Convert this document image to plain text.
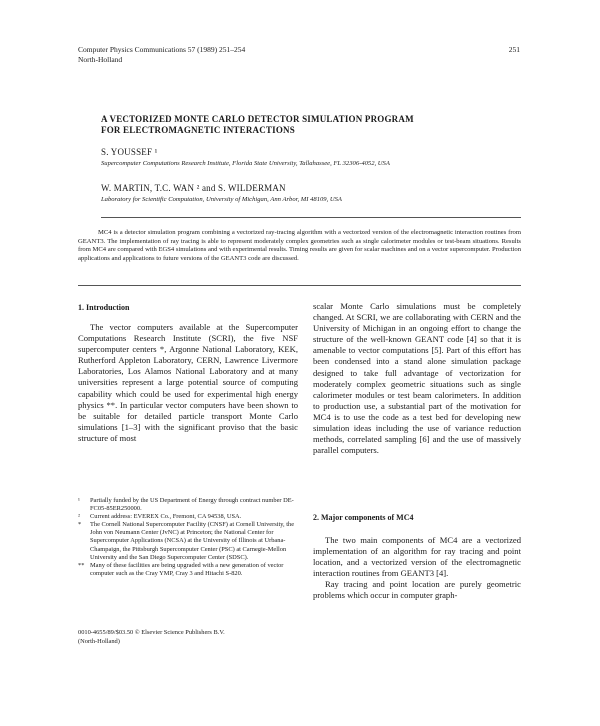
Computer Physics Communications 57 (1989) 251–254
North-Holland
251
A VECTORIZED MONTE CARLO DETECTOR SIMULATION PROGRAM
FOR ELECTROMAGNETIC INTERACTIONS
S. YOUSSEF ¹
Supercomputer Computations Research Institute, Florida State University, Tallahassee, FL 32306-4052, USA
W. MARTIN, T.C. WAN ² and S. WILDERMAN
Laboratory for Scientific Computation, University of Michigan, Ann Arbor, MI 48109, USA
MC4 is a detector simulation program combining a vectorized ray-tracing algorithm with a vectorized version of the electromagnetic interaction routines from GEANT3. The implementation of ray tracing is able to represent moderately complex geometries such as single calorimeter modules or test-beam situations. Results from MC4 are compared with EGS4 simulations and with experimental results. Timing results are given for scalar machines and on a vector supercomputer. Production applications and applications to future versions of the GEANT3 code are discussed.
1. Introduction

The vector computers available at the Supercomputer Computations Research Institute (SCRI), the five NSF supercomputer centers *, Argonne National Laboratory, KEK, Rutherford Appleton Laboratory, CERN, Lawrence Livermore Laboratories, Los Alamos National Laboratory and at many universities represent a large potential source of computing capability which could be used for experimental high energy physics **. In particular vector computers have been shown to be suitable for detailed particle transport Monte Carlo simulations [1–3] with the significant proviso that the basic structure of most

¹	Partially funded by the US Department of Energy through contract number DE-FC05-85ER250000.
²	Current address: EVEREX Co., Fremont, CA 94538, USA.
*	The Cornell National Supercomputer Facility (CNSF) at Cornell University, the John von Neumann Center (JvNC) at Princeton; the National Center for Supercomputer Applications (NCSA) at the University of Illinois at Urbana-Champaign, the Pittsburgh Supercomputer Center (PSC) at Carnegie-Mellon University and the San Diego Supercomputer Center (SDSC).
** Many of these facilities are being upgraded with a new generation of vector computer such as the Cray YMP, Cray 3 and Hitachi S-820.
0010-4655/89/$03.50 © Elsevier Science Publishers B.V.
(North-Holland)

scalar Monte Carlo simulations must be completely changed. At SCRI, we are collaborating with CERN and the University of Michigan in an ongoing effort to change the structure of the well-known GEANT code [4] so that it is amenable to vector computations [5]. Part of this effort has been condensed into a stand alone simulation package designed to take full advantage of vectorization for moderately complex geometric situations such as single calorimeter modules or test beam calorimeters. In addition to production use, a substantial part of the motivation for MC4 is to use the code as a test bed for developing new simulation ideas including the use of variance reduction methods, correlated sampling [6] and the use of massively parallel computers.

2. Major components of MC4

The two main components of MC4 are a vectorized implementation of an algorithm for ray tracing and point location, and a vectorized version of the electromagnetic interaction routines from GEANT3 [4].

Ray tracing and point location are purely geometric problems which occur in computer graph-
